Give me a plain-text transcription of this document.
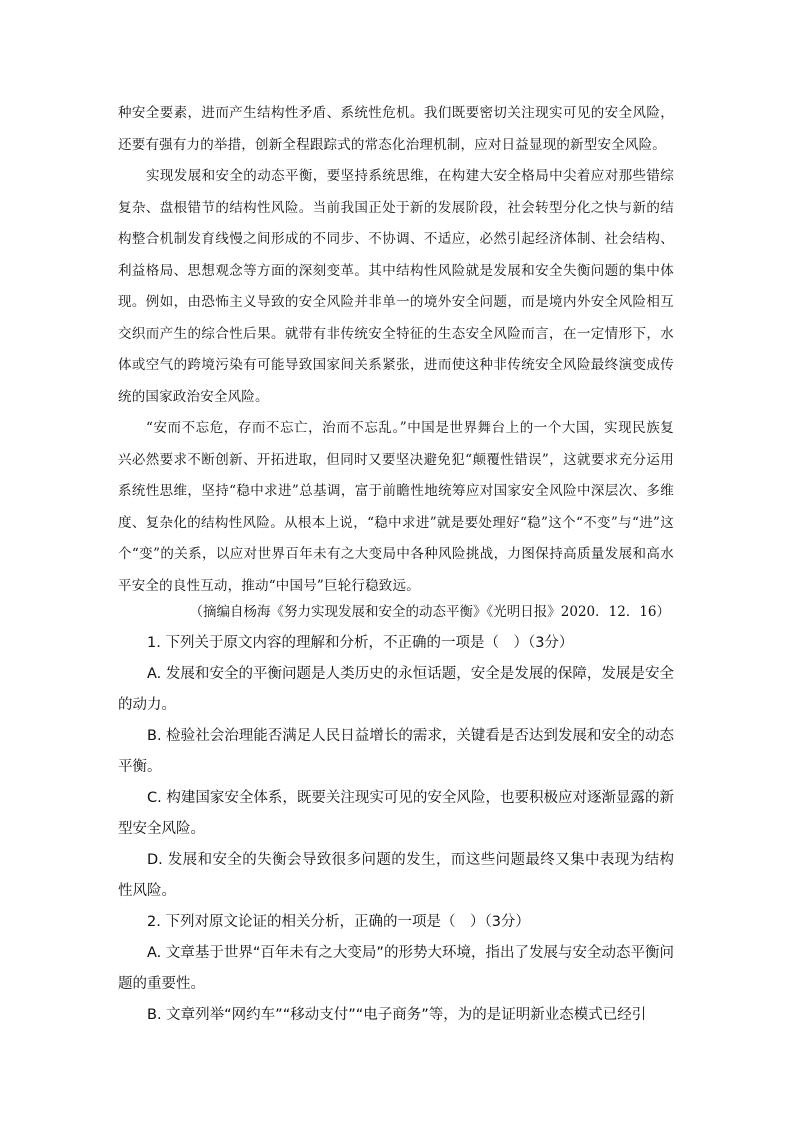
种安全要素，进而产生结构性矛盾、系统性危机。我们既要密切关注现实可见的安全风险，还要有强有力的举措，创新全程跟踪式的常态化治理机制，应对日益显现的新型安全风险。

实现发展和安全的动态平衡，要坚持系统思维，在构建大安全格局中尖着应对那些错综复杂、盘根错节的结构性风险。当前我国正处于新的发展阶段，社会转型分化之快与新的结构整合机制发育线慢之间形成的不同步、不协调、不适应，必然引起经济体制、社会结构、利益格局、思想观念等方面的深刻变革。其中结构性风险就是发展和安全失衡问题的集中体现。例如，由恐怖主义导致的安全风险并非单一的境外安全问题，而是境内外安全风险相互交织而产生的综合性后果。就带有非传统安全特征的生态安全风险而言，在一定情形下，水体或空气的跨境污染有可能导致国家间关系紧张，进而使这种非传统安全风险最终演变成传统的国家政治安全风险。

“安而不忘危，存而不忘亡，治而不忘乱。”中国是世界舞台上的一个大国，实现民族复兴必然要求不断创新、开拓进取，但同时又要坚决避免犯“颠覆性错误”，这就要求充分运用系统性思维，坚持“稳中求进”总基调，富于前瞻性地统筹应对国家安全风险中深层次、多维度、复杂化的结构性风险。从根本上说，“稳中求进”就是要处理好“稳”这个“不变”与“进”这个“变”的关系，以应对世界百年未有之大变局中各种风险挑战，力图保持高质量发展和高水平安全的良性互动，推动“中国号”巨轮行稳致远。

（摘编自杨海《努力实现发展和安全的动态平衡》《光明日报》2020．12．16）

1. 下列关于原文内容的理解和分析，不正确的一项是（　）（3分）

A. 发展和安全的平衡问题是人类历史的永恒话题，安全是发展的保障，发展是安全的动力。

B. 检验社会治理能否满足人民日益增长的需求，关键看是否达到发展和安全的动态平衡。

C. 构建国家安全体系，既要关注现实可见的安全风险，也要积极应对逐渐显露的新型安全风险。

D. 发展和安全的失衡会导致很多问题的发生，而这些问题最终又集中表现为结构性风险。

2. 下列对原文论证的相关分析，正确的一项是（　）（3分）

A. 文章基于世界“百年未有之大变局”的形势大环境，指出了发展与安全动态平衡问题的重要性。

B. 文章列举“网约车”“移动支付”“电子商务”等，为的是证明新业态模式已经引
